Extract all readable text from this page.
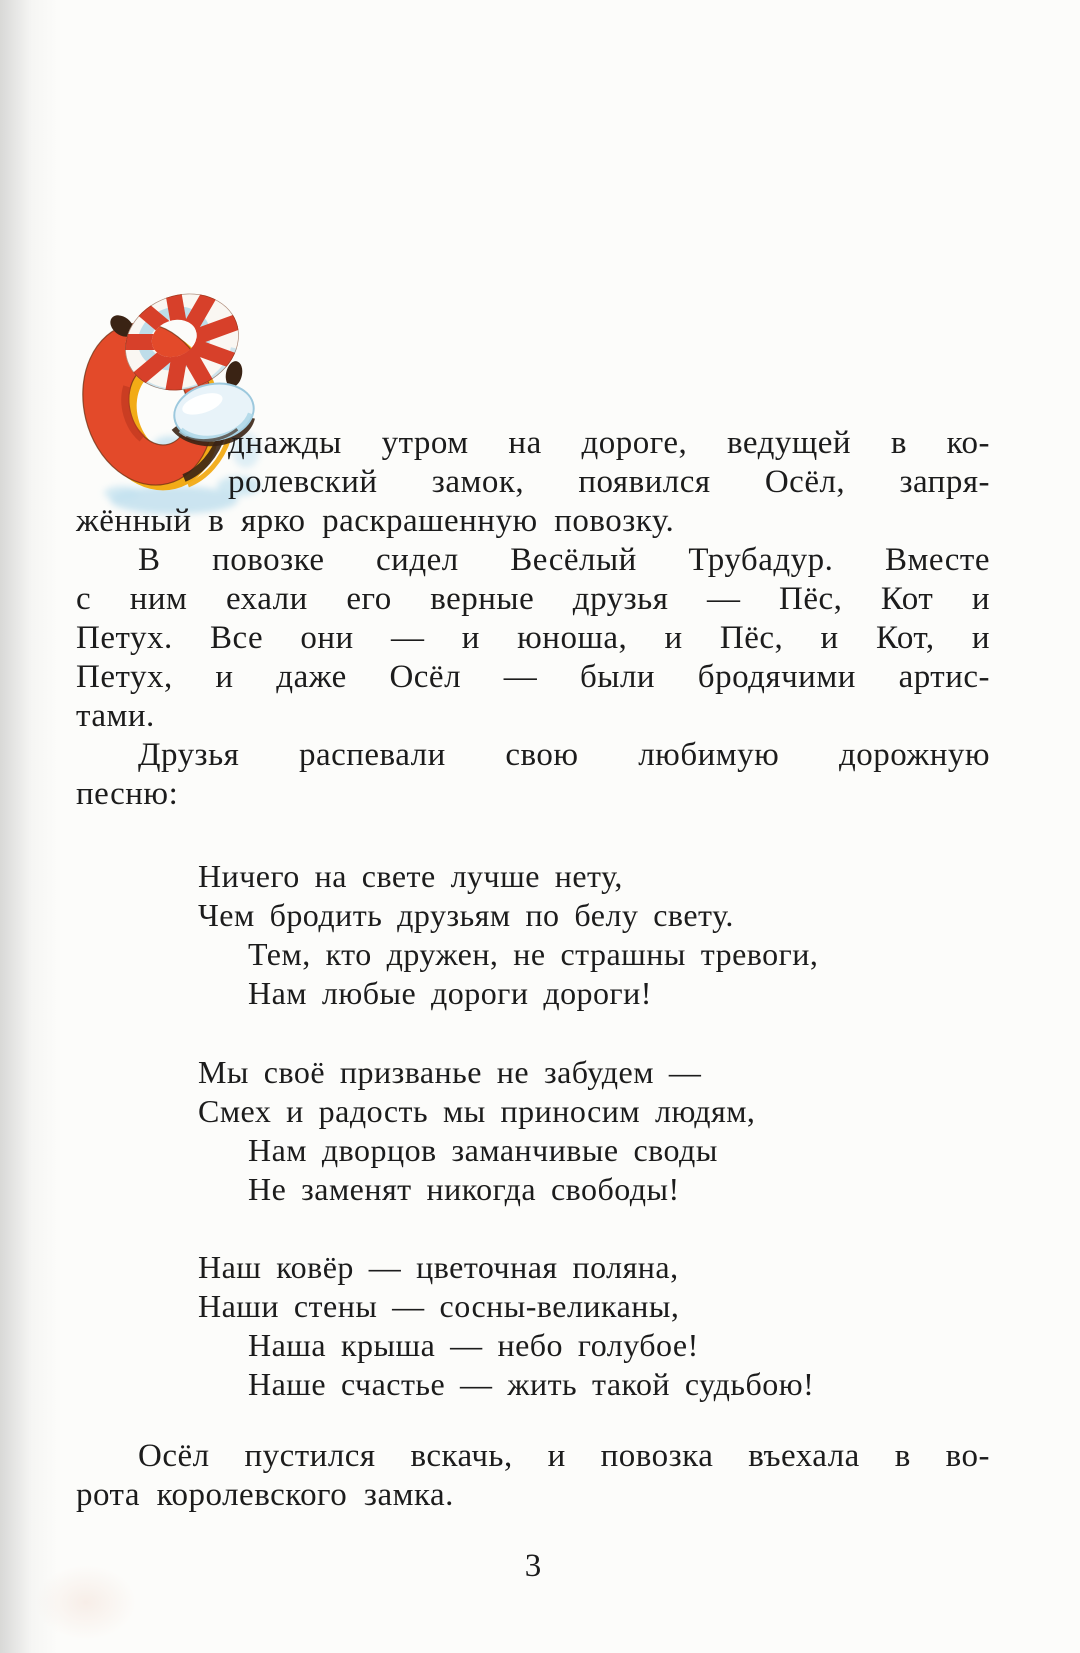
днажды утром на дороге, ведущей в ко-
ролевский замок, появился Осёл, запря-
жённый в ярко раскрашенную повозку.
В повозке сидел Весёлый Трубадур. Вместе
с ним ехали его верные друзья — Пёс, Кот и
Петух. Все они — и юноша, и Пёс, и Кот, и
Петух, и даже Осёл — были бродячими артис-
тами.
Друзья распевали свою любимую дорожную
песню:
Ничего на свете лучше нету,
Чем бродить друзьям по белу свету.
Тем, кто дружен, не страшны тревоги,
Нам любые дороги дороги!
Мы своё призванье не забудем —
Смех и радость мы приносим людям,
Нам дворцов заманчивые своды
Не заменят никогда свободы!
Наш ковёр — цветочная поляна,
Наши стены — сосны-великаны,
Наша крыша — небо голубое!
Наше счастье — жить такой судьбою!
Осёл пустился вскачь, и повозка въехала в во-
рота королевского замка.
3
